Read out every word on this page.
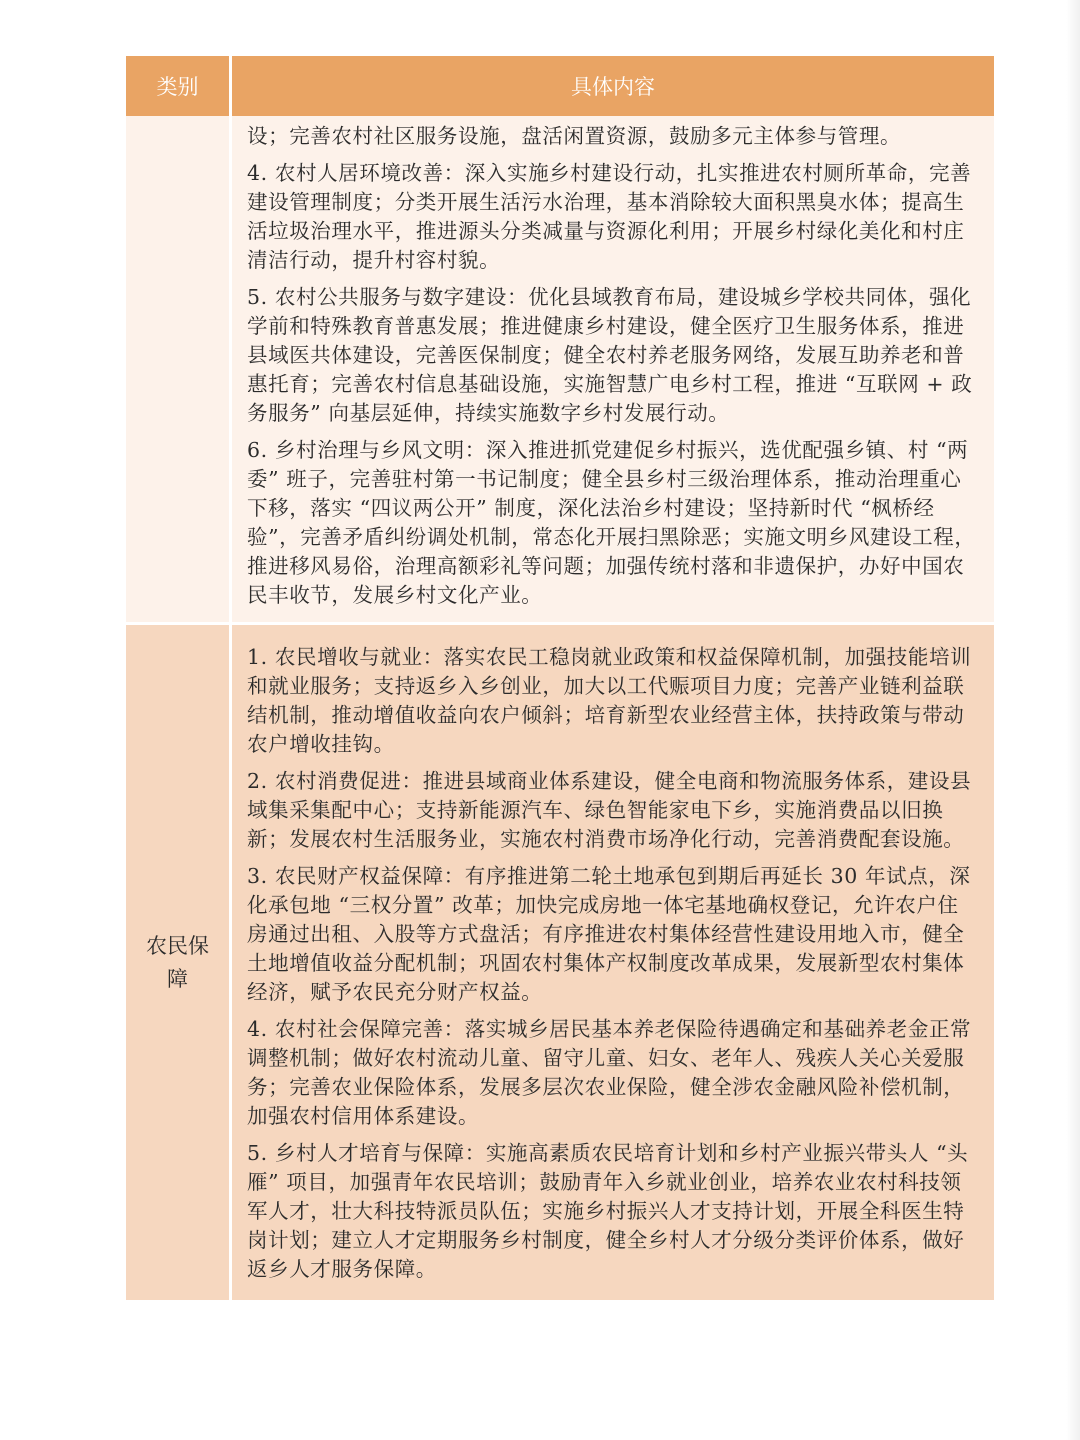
类别	具体内容

设；完善农村社区服务设施，盘活闲置资源，鼓励多元主体参与管理。

4. 农村人居环境改善：深入实施乡村建设行动，扎实推进农村厕所革命，完善建设管理制度；分类开展生活污水治理，基本消除较大面积黑臭水体；提高生活垃圾治理水平，推进源头分类减量与资源化利用；开展乡村绿化美化和村庄清洁行动，提升村容村貌。

5. 农村公共服务与数字建设：优化县域教育布局，建设城乡学校共同体，强化学前和特殊教育普惠发展；推进健康乡村建设，健全医疗卫生服务体系，推进县域医共体建设，完善医保制度；健全农村养老服务网络，发展互助养老和普惠托育；完善农村信息基础设施，实施智慧广电乡村工程，推进 “互联网 + 政务服务” 向基层延伸，持续实施数字乡村发展行动。

6. 乡村治理与乡风文明：深入推进抓党建促乡村振兴，选优配强乡镇、村 “两委” 班子，完善驻村第一书记制度；健全县乡村三级治理体系，推动治理重心下移，落实 “四议两公开” 制度，深化法治乡村建设；坚持新时代 “枫桥经验”，完善矛盾纠纷调处机制，常态化开展扫黑除恶；实施文明乡风建设工程，推进移风易俗，治理高额彩礼等问题；加强传统村落和非遗保护，办好中国农民丰收节，发展乡村文化产业。

农民保障

1. 农民增收与就业：落实农民工稳岗就业政策和权益保障机制，加强技能培训和就业服务；支持返乡入乡创业，加大以工代赈项目力度；完善产业链利益联结机制，推动增值收益向农户倾斜；培育新型农业经营主体，扶持政策与带动农户增收挂钩。

2. 农村消费促进：推进县域商业体系建设，健全电商和物流服务体系，建设县域集采集配中心；支持新能源汽车、绿色智能家电下乡，实施消费品以旧换新；发展农村生活服务业，实施农村消费市场净化行动，完善消费配套设施。

3. 农民财产权益保障：有序推进第二轮土地承包到期后再延长 30 年试点，深化承包地 “三权分置” 改革；加快完成房地一体宅基地确权登记，允许农户住房通过出租、入股等方式盘活；有序推进农村集体经营性建设用地入市，健全土地增值收益分配机制；巩固农村集体产权制度改革成果，发展新型农村集体经济，赋予农民充分财产权益。

4. 农村社会保障完善：落实城乡居民基本养老保险待遇确定和基础养老金正常调整机制；做好农村流动儿童、留守儿童、妇女、老年人、残疾人关心关爱服务；完善农业保险体系，发展多层次农业保险，健全涉农金融风险补偿机制，加强农村信用体系建设。

5. 乡村人才培育与保障：实施高素质农民培育计划和乡村产业振兴带头人 “头雁” 项目，加强青年农民培训；鼓励青年入乡就业创业，培养农业农村科技领军人才，壮大科技特派员队伍；实施乡村振兴人才支持计划，开展全科医生特岗计划；建立人才定期服务乡村制度，健全乡村人才分级分类评价体系，做好返乡人才服务保障。
